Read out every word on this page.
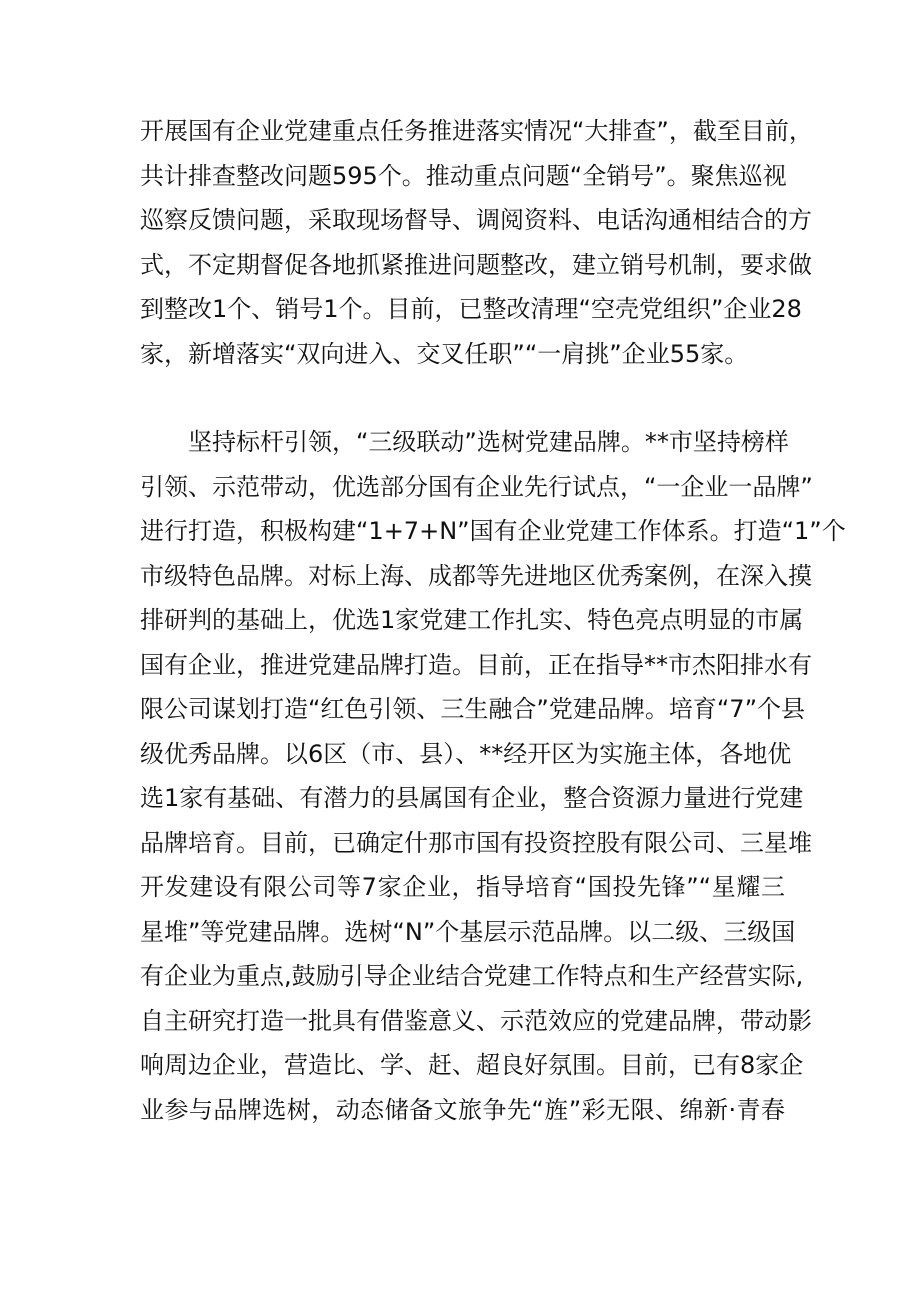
开展国有企业党建重点任务推进落实情况“大排查”，截至目前，
共计排查整改问题595个。推动重点问题“全销号”。聚焦巡视
巡察反馈问题，采取现场督导、调阅资料、电话沟通相结合的方
式，不定期督促各地抓紧推进问题整改，建立销号机制，要求做
到整改1个、销号1个。目前，已整改清理“空壳党组织”企业28
家，新增落实“双向进入、交叉任职”“一肩挑”企业55家。
坚持标杆引领，“三级联动”选树党建品牌。**市坚持榜样
引领、示范带动，优选部分国有企业先行试点，“一企业一品牌”
进行打造，积极构建“1+7+N”国有企业党建工作体系。打造“1”个
市级特色品牌。对标上海、成都等先进地区优秀案例，在深入摸
排研判的基础上，优选1家党建工作扎实、特色亮点明显的市属
国有企业，推进党建品牌打造。目前，正在指导**市杰阳排水有
限公司谋划打造“红色引领、三生融合”党建品牌。培育“7”个县
级优秀品牌。以6区（市、县）、**经开区为实施主体，各地优
选1家有基础、有潜力的县属国有企业，整合资源力量进行党建
品牌培育。目前，已确定什那市国有投资控股有限公司、三星堆
开发建设有限公司等7家企业，指导培育“国投先锋”“星耀三
星堆”等党建品牌。选树“N”个基层示范品牌。以二级、三级国
有企业为重点,鼓励引导企业结合党建工作特点和生产经营实际,
自主研究打造一批具有借鉴意义、示范效应的党建品牌，带动影
响周边企业，营造比、学、赶、超良好氛围。目前，已有8家企
业参与品牌选树，动态储备文旅争先“旌”彩无限、绵新·青春
